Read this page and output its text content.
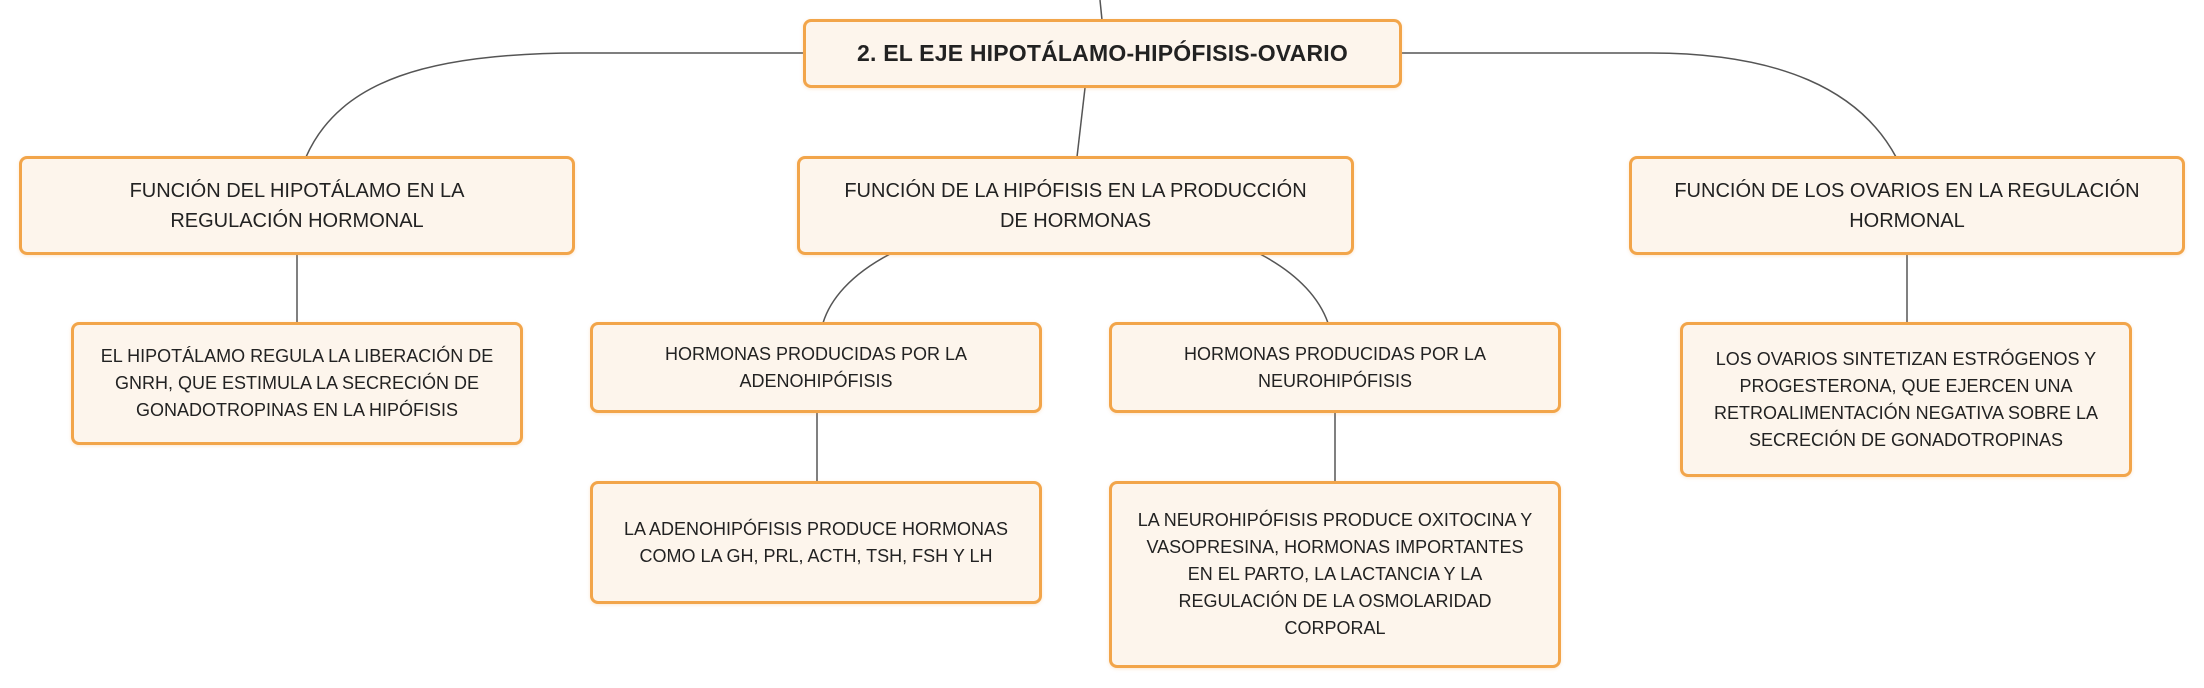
2. EL EJE HIPOTÁLAMO-HIPÓFISIS-OVARIO
FUNCIÓN DEL HIPOTÁLAMO EN LA REGULACIÓN HORMONAL
FUNCIÓN DE LA HIPÓFISIS EN LA PRODUCCIÓN DE HORMONAS
FUNCIÓN DE LOS OVARIOS EN LA REGULACIÓN HORMONAL
EL HIPOTÁLAMO REGULA LA LIBERACIÓN DE GNRH, QUE ESTIMULA LA SECRECIÓN DE GONADOTROPINAS EN LA HIPÓFISIS
HORMONAS PRODUCIDAS POR LA ADENOHIPÓFISIS
HORMONAS PRODUCIDAS POR LA NEUROHIPÓFISIS
LOS OVARIOS SINTETIZAN ESTRÓGENOS Y PROGESTERONA, QUE EJERCEN UNA RETROALIMENTACIÓN NEGATIVA SOBRE LA SECRECIÓN DE GONADOTROPINAS
LA ADENOHIPÓFISIS PRODUCE HORMONAS COMO LA GH, PRL, ACTH, TSH, FSH Y LH
LA NEUROHIPÓFISIS PRODUCE OXITOCINA Y VASOPRESINA, HORMONAS IMPORTANTES EN EL PARTO, LA LACTANCIA Y LA REGULACIÓN DE LA OSMOLARIDAD CORPORAL
